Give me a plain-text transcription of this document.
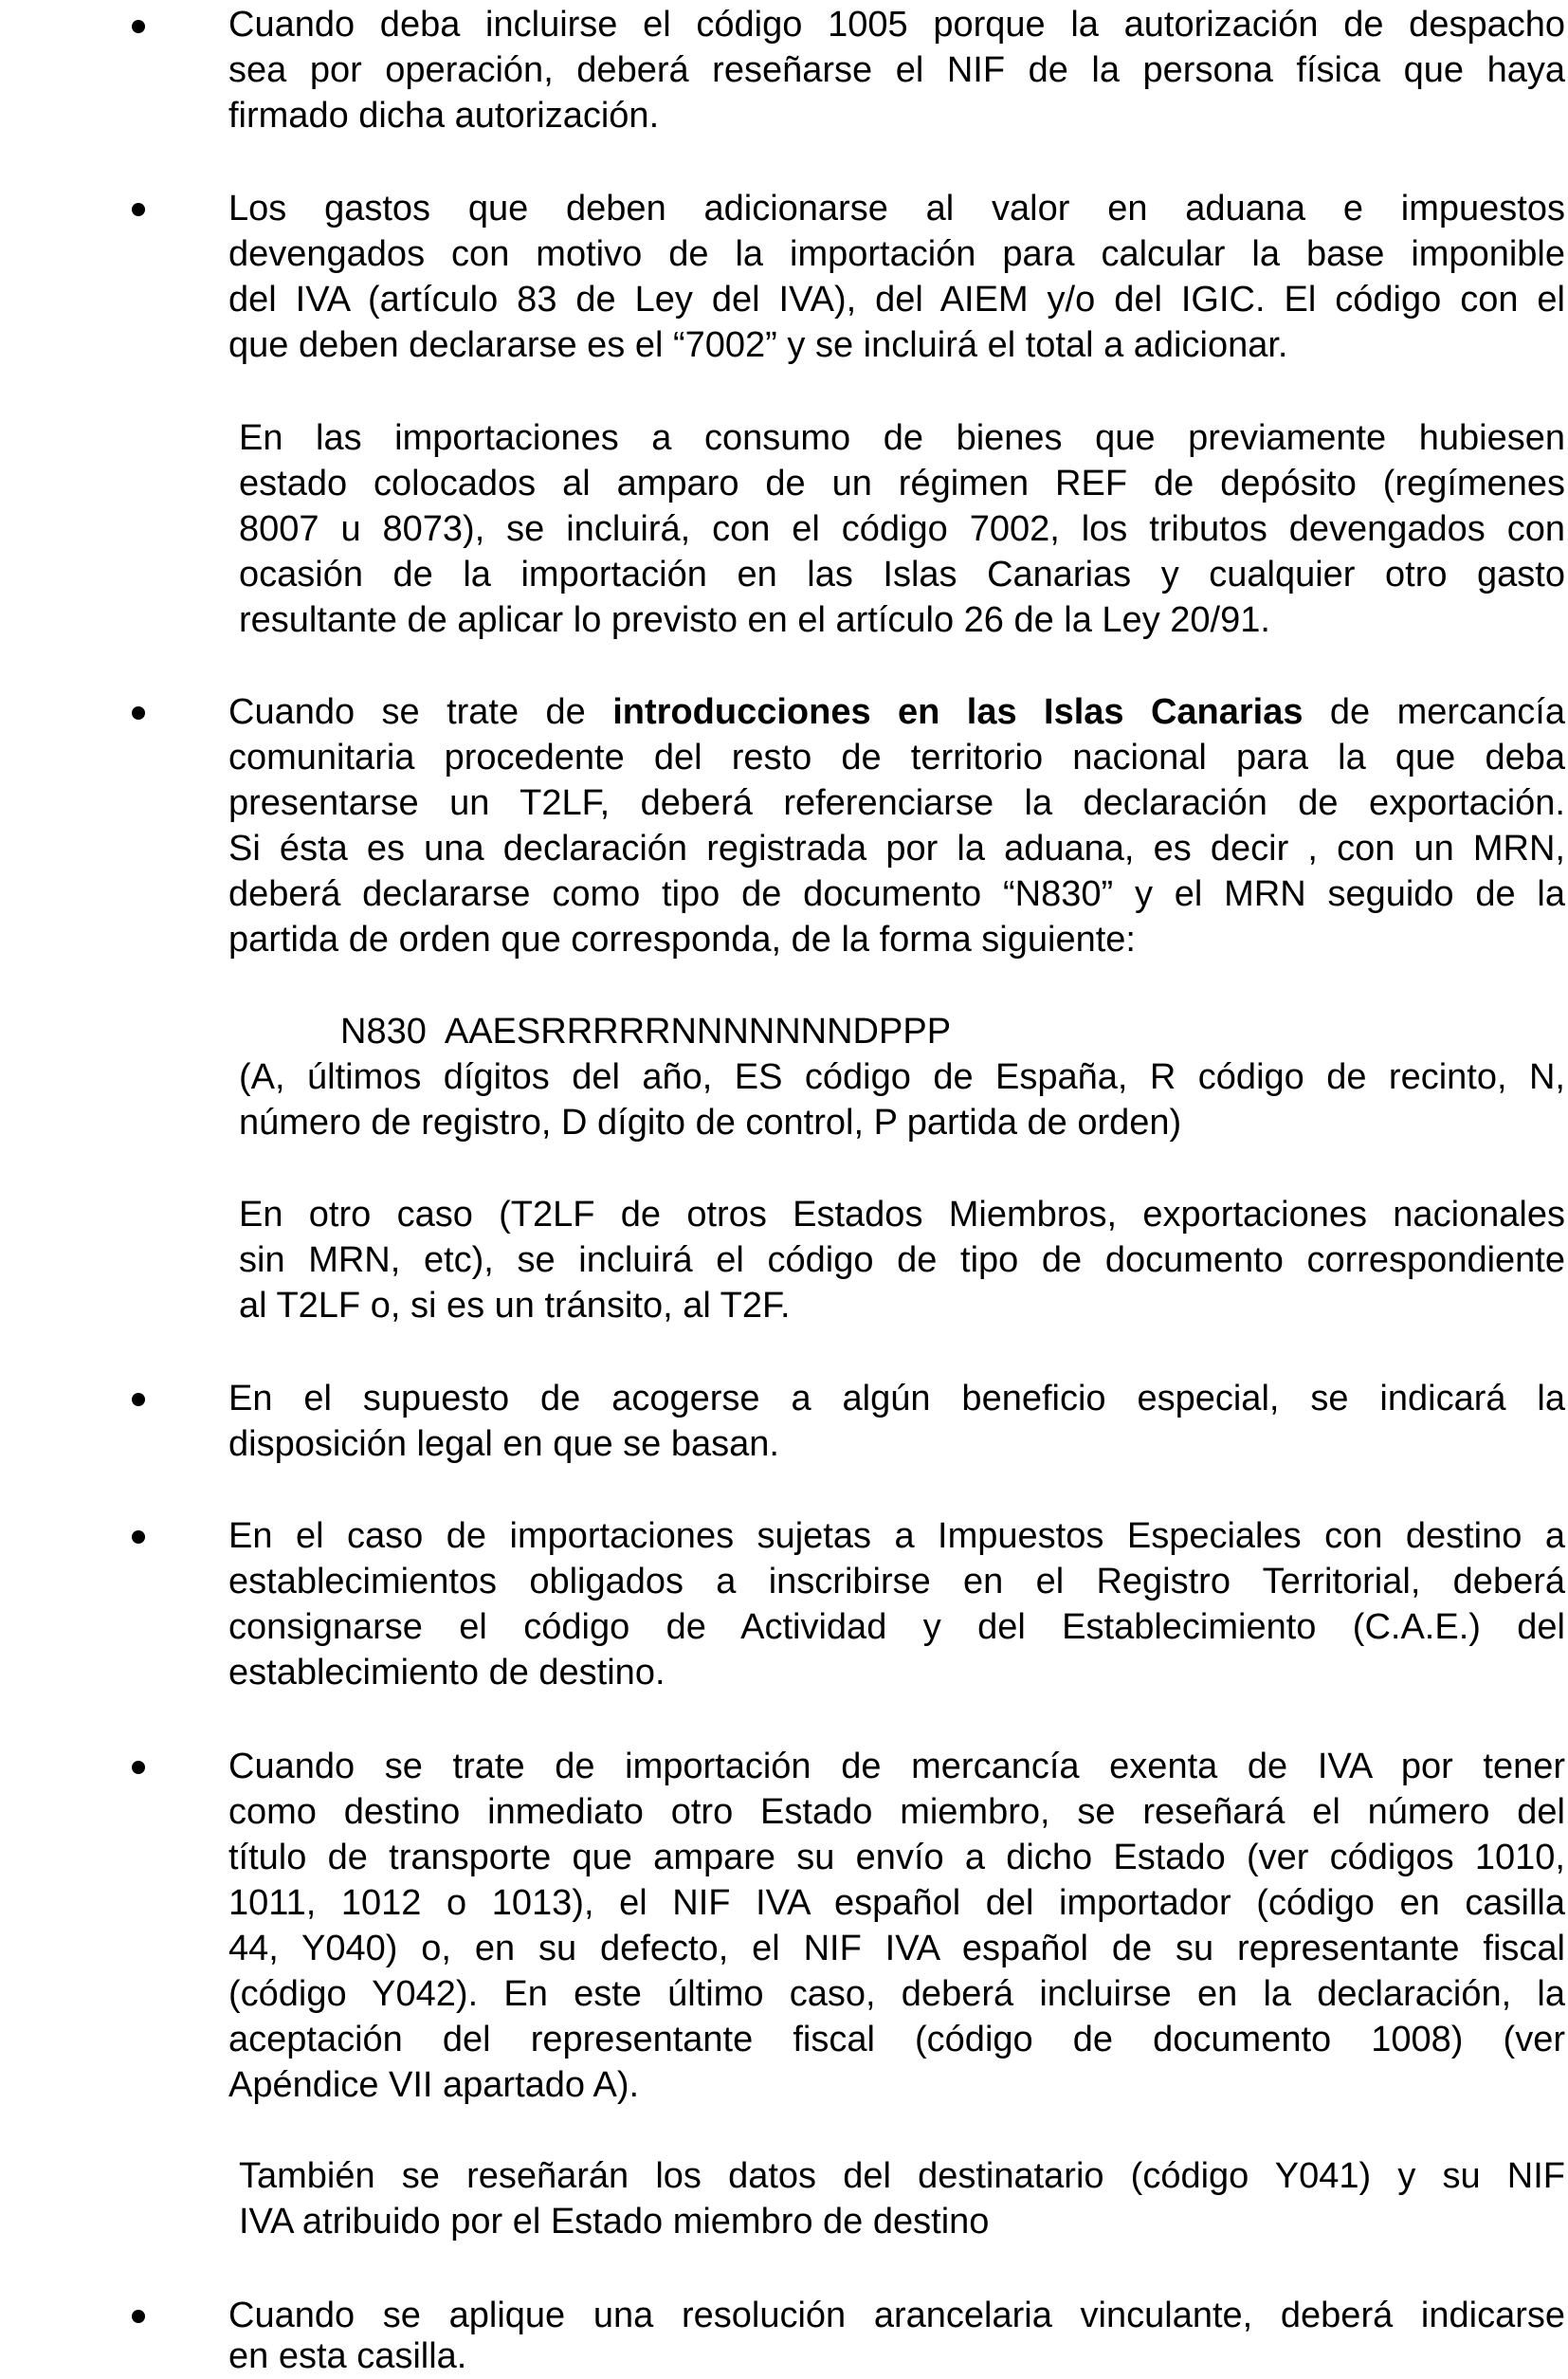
Cuando deba incluirse el código 1005 porque la autorización de despacho
sea por operación, deberá reseñarse el NIF de la persona física que haya
firmado dicha autorización.
Los gastos que deben adicionarse al valor en aduana e impuestos
devengados con motivo de la importación para calcular la base imponible
del IVA (artículo 83 de Ley del IVA), del AIEM y/o del IGIC. El código con el
que deben declararse es el “7002” y se incluirá el total a adicionar.
En las importaciones a consumo de bienes que previamente hubiesen
estado colocados al amparo de un régimen REF de depósito (regímenes
8007 u 8073), se incluirá, con el código 7002, los tributos devengados con
ocasión de la importación en las Islas Canarias y cualquier otro gasto
resultante de aplicar lo previsto en el artículo 26 de la Ley 20/91.
Cuando se trate de introducciones en las Islas Canarias de mercancía
comunitaria procedente del resto de territorio nacional para la que deba
presentarse un T2LF, deberá referenciarse la declaración de exportación.
Si ésta es una declaración registrada por la aduana, es decir , con un MRN,
deberá declararse como tipo de documento “N830” y el MRN seguido de la
partida de orden que corresponda, de la forma siguiente:
N830  AAESRRRRRNNNNNNNDPPP
(A, últimos dígitos del año, ES código de España, R código de recinto, N,
número de registro, D dígito de control, P partida de orden)
En otro caso (T2LF de otros Estados Miembros, exportaciones nacionales
sin MRN, etc), se incluirá el código de tipo de documento correspondiente
al T2LF o, si es un tránsito, al T2F.
En el supuesto de acogerse a algún beneficio especial, se indicará la
disposición legal en que se basan.
En el caso de importaciones sujetas a Impuestos Especiales con destino a
establecimientos obligados a inscribirse en el Registro Territorial, deberá
consignarse el código de Actividad y del Establecimiento (C.A.E.) del
establecimiento de destino.
Cuando se trate de importación de mercancía exenta de IVA por tener
como destino inmediato otro Estado miembro, se reseñará el número del
título de transporte que ampare su envío a dicho Estado (ver códigos 1010,
1011, 1012 o 1013), el NIF IVA español del importador (código en casilla
44, Y040) o, en su defecto, el NIF IVA español de su representante fiscal
(código Y042). En este último caso, deberá incluirse en la declaración, la
aceptación del representante fiscal (código de documento 1008) (ver
Apéndice VII apartado A).
También se reseñarán los datos del destinatario (código Y041) y su NIF
IVA atribuido por el Estado miembro de destino
Cuando se aplique una resolución arancelaria vinculante, deberá indicarse
en esta casilla.
